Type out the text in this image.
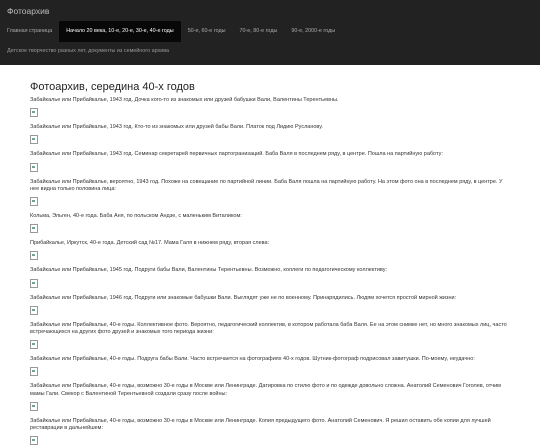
Фотоархив
Главная страница	Начало 20 века, 10-е, 20-е, 30-е, 40-е годы	50-е, 60-е годы	70-е, 80-е годы	90-е, 2000-е годы
Детское творчество разных лет, документы из семейного архива
Фотоархив, середина 40-х годов

Забайкалье или Прибайкалье, 1943 год. Дочка кого-то из знакомых или друзей бабушки Вали, Валентины Терентьевны.

Забайкалье или Прибайкалье, 1943 год. Кто-то из знакомых или друзей бабы Вали. Платок под Лидию Русланову.

Забайкалье или Прибайкалье, 1943 год. Семинар секретарей первичных партогранизаций. Баба Валя в последнем ряду, в центре. Пошла на партийную работу:

Забайкалье или Прибайкалье, вероятно, 1943 год. Похоже на совещание по партийной линии. Баба Валя пошла на партийную работу. На этом фото она в последнем ряду, в центре. У нее видна только половина лица:

Кольма, Эльген, 40-е года. Баба Аня, по польском Андзе, с маленьким Виталиком:

Прибайкалье, Иркутск, 40-е года. Детский сад №17. Мама Галя в нижнем ряду, вторая слева:

Забайкалье или Прибайкалье, 1945 год. Подруги бабы Вали, Валентины Терентьевны. Возможно, коллеги по педагогическому коллективу:

Забайкалье или Прибайкалье, 1946 год. Подруги или знакомые бабушки Вали. Выглядят уже не по военному. Принарядились. Людям хочется простой мирной жизни:

Забайкалье или Прибайкалье, 40-е годы. Коллективное фото. Вероятно, педагогический коллектив, в котором работала баба Валя. Ее на этом снимке нет, но много знакомых лиц, часто встречающихся на других фото друзей и знакомых того периода жизни:

Забайкалье или Прибайкалье, 40-е годы. Подруга бабы Вали. Часто встречается на фотографиях 40-х годов. Шутник-фотограф подрисовал завитушки. По-моему, неудачно:

Забайкалье или Прибайкалье, 40-е годы, возможно 30-е годы в Москве или Ленинграде. Датировка по стилю фото и по одежде довольно сложна. Анатолий Семенович Гоголев, отчим мамы Гали. Свекор с Валентиной Терентьевной создали сразу после войны:

Забайкалье или Прибайкалье, 40-е годы, возможно 30-е годы в Москве или Ленинграде. Копия предыдущего фото. Анатолий Семенович. Я решил оставить обе копии для лучшей реставрации в дальнейшем:
